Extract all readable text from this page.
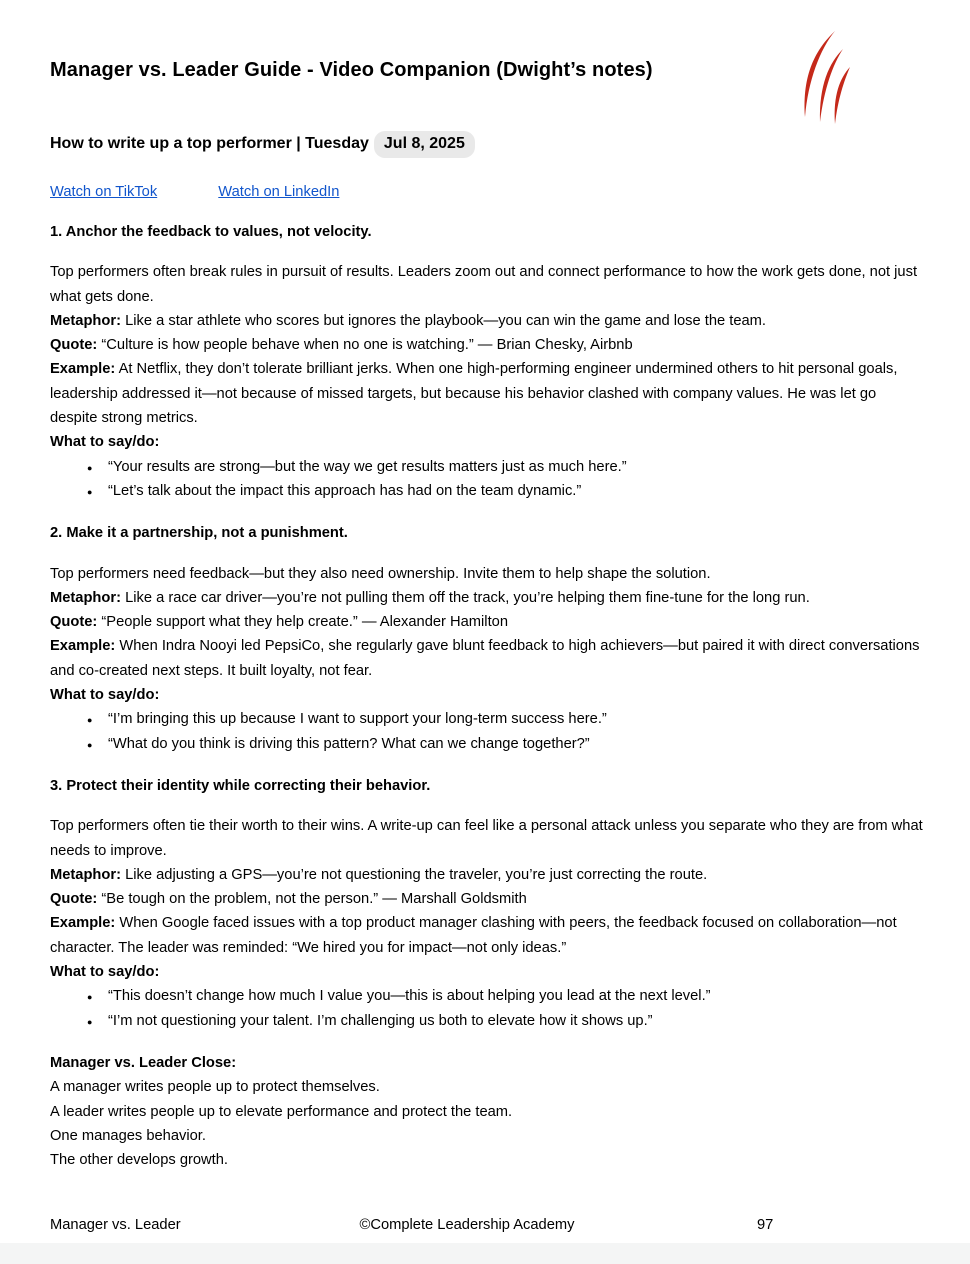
Manager vs. Leader Guide - Video Companion (Dwight’s notes)
How to write up a top performer | Tuesday Jul 8, 2025
Watch on TikTok	Watch on LinkedIn

1. Anchor the feedback to values, not velocity.

Top performers often break rules in pursuit of results. Leaders zoom out and connect performance to how the work gets done, not just what gets done.

Metaphor: Like a star athlete who scores but ignores the playbook—you can win the game and lose the team.

Quote: “Culture is how people behave when no one is watching.” — Brian Chesky, Airbnb

Example: At Netflix, they don’t tolerate brilliant jerks. When one high-performing engineer undermined others to hit personal goals, leadership addressed it—not because of missed targets, but because his behavior clashed with company values. He was let go despite strong metrics.

What to say/do:

● “Your results are strong—but the way we get results matters just as much here.”
● “Let’s talk about the impact this approach has had on the team dynamic.”

2. Make it a partnership, not a punishment.

Top performers need feedback—but they also need ownership. Invite them to help shape the solution.

Metaphor: Like a race car driver—you’re not pulling them off the track, you’re helping them fine-tune for the long run.

Quote: “People support what they help create.” — Alexander Hamilton

Example: When Indra Nooyi led PepsiCo, she regularly gave blunt feedback to high achievers—but paired it with direct conversations and co-created next steps. It built loyalty, not fear.

What to say/do:

● “I’m bringing this up because I want to support your long-term success here.”
● “What do you think is driving this pattern? What can we change together?”

3. Protect their identity while correcting their behavior.

Top performers often tie their worth to their wins. A write-up can feel like a personal attack unless you separate who they are from what needs to improve.

Metaphor: Like adjusting a GPS—you’re not questioning the traveler, you’re just correcting the route.

Quote: “Be tough on the problem, not the person.” — Marshall Goldsmith

Example: When Google faced issues with a top product manager clashing with peers, the feedback focused on collaboration—not character. The leader was reminded: “We hired you for impact—not only ideas.”

What to say/do:

● “This doesn’t change how much I value you—this is about helping you lead at the next level.”
● “I’m not questioning your talent. I’m challenging us both to elevate how it shows up.”

Manager vs. Leader Close:

A manager writes people up to protect themselves.

A leader writes people up to elevate performance and protect the team.

One manages behavior.

The other develops growth.

Manager vs. Leader	©Complete Leadership Academy	97
